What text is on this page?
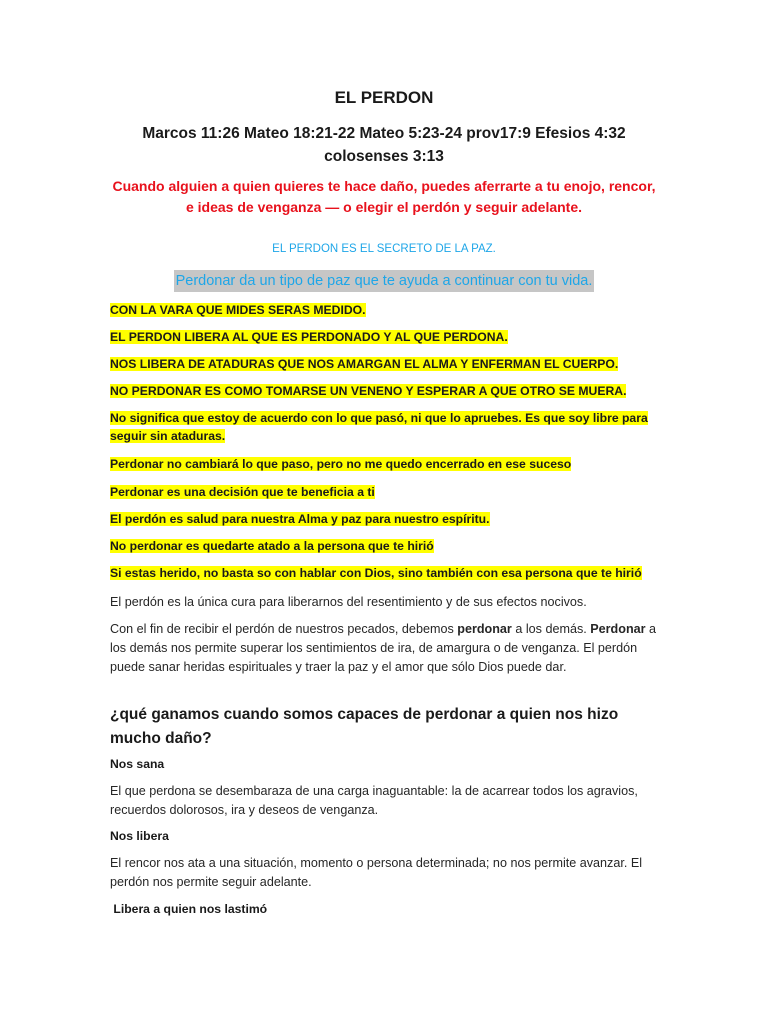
EL PERDON
Marcos 11:26 Mateo 18:21-22 Mateo 5:23-24 prov17:9 Efesios 4:32 colosenses 3:13
Cuando alguien a quien quieres te hace daño, puedes aferrarte a tu enojo, rencor, e ideas de venganza — o elegir el perdón y seguir adelante.
EL PERDON ES EL SECRETO DE LA PAZ.
Perdonar da un tipo de paz que te ayuda a continuar con tu vida.
CON LA VARA QUE MIDES SERAS MEDIDO.
EL PERDON LIBERA AL QUE ES PERDONADO Y AL QUE PERDONA.
NOS LIBERA DE ATADURAS QUE NOS AMARGAN EL ALMA Y ENFERMAN EL CUERPO.
NO PERDONAR ES COMO TOMARSE UN VENENO Y ESPERAR A QUE OTRO SE MUERA.
No significa que estoy de acuerdo con lo que pasó, ni que lo apruebes. Es que soy libre para seguir sin ataduras.
Perdonar no cambiará lo que paso, pero no me quedo encerrado en ese suceso
Perdonar es una decisión que te beneficia a ti
El perdón es salud para nuestra Alma y paz para nuestro espíritu.
No perdonar es quedarte atado a la persona que te hirió
Si estas herido, no basta so con hablar con Dios, sino también con esa persona que te hirió
El perdón es la única cura para liberarnos del resentimiento y de sus efectos nocivos.
Con el fin de recibir el perdón de nuestros pecados, debemos perdonar a los demás. Perdonar a los demás nos permite superar los sentimientos de ira, de amargura o de venganza. El perdón puede sanar heridas espirituales y traer la paz y el amor que sólo Dios puede dar.
¿qué ganamos cuando somos capaces de perdonar a quien nos hizo mucho daño?
Nos sana
El que perdona se desembaraza de una carga inaguantable: la de acarrear todos los agravios, recuerdos dolorosos, ira y deseos de venganza.
Nos libera
El rencor nos ata a una situación, momento o persona determinada; no nos permite avanzar. El perdón nos permite seguir adelante.
Libera a quien nos lastimó
